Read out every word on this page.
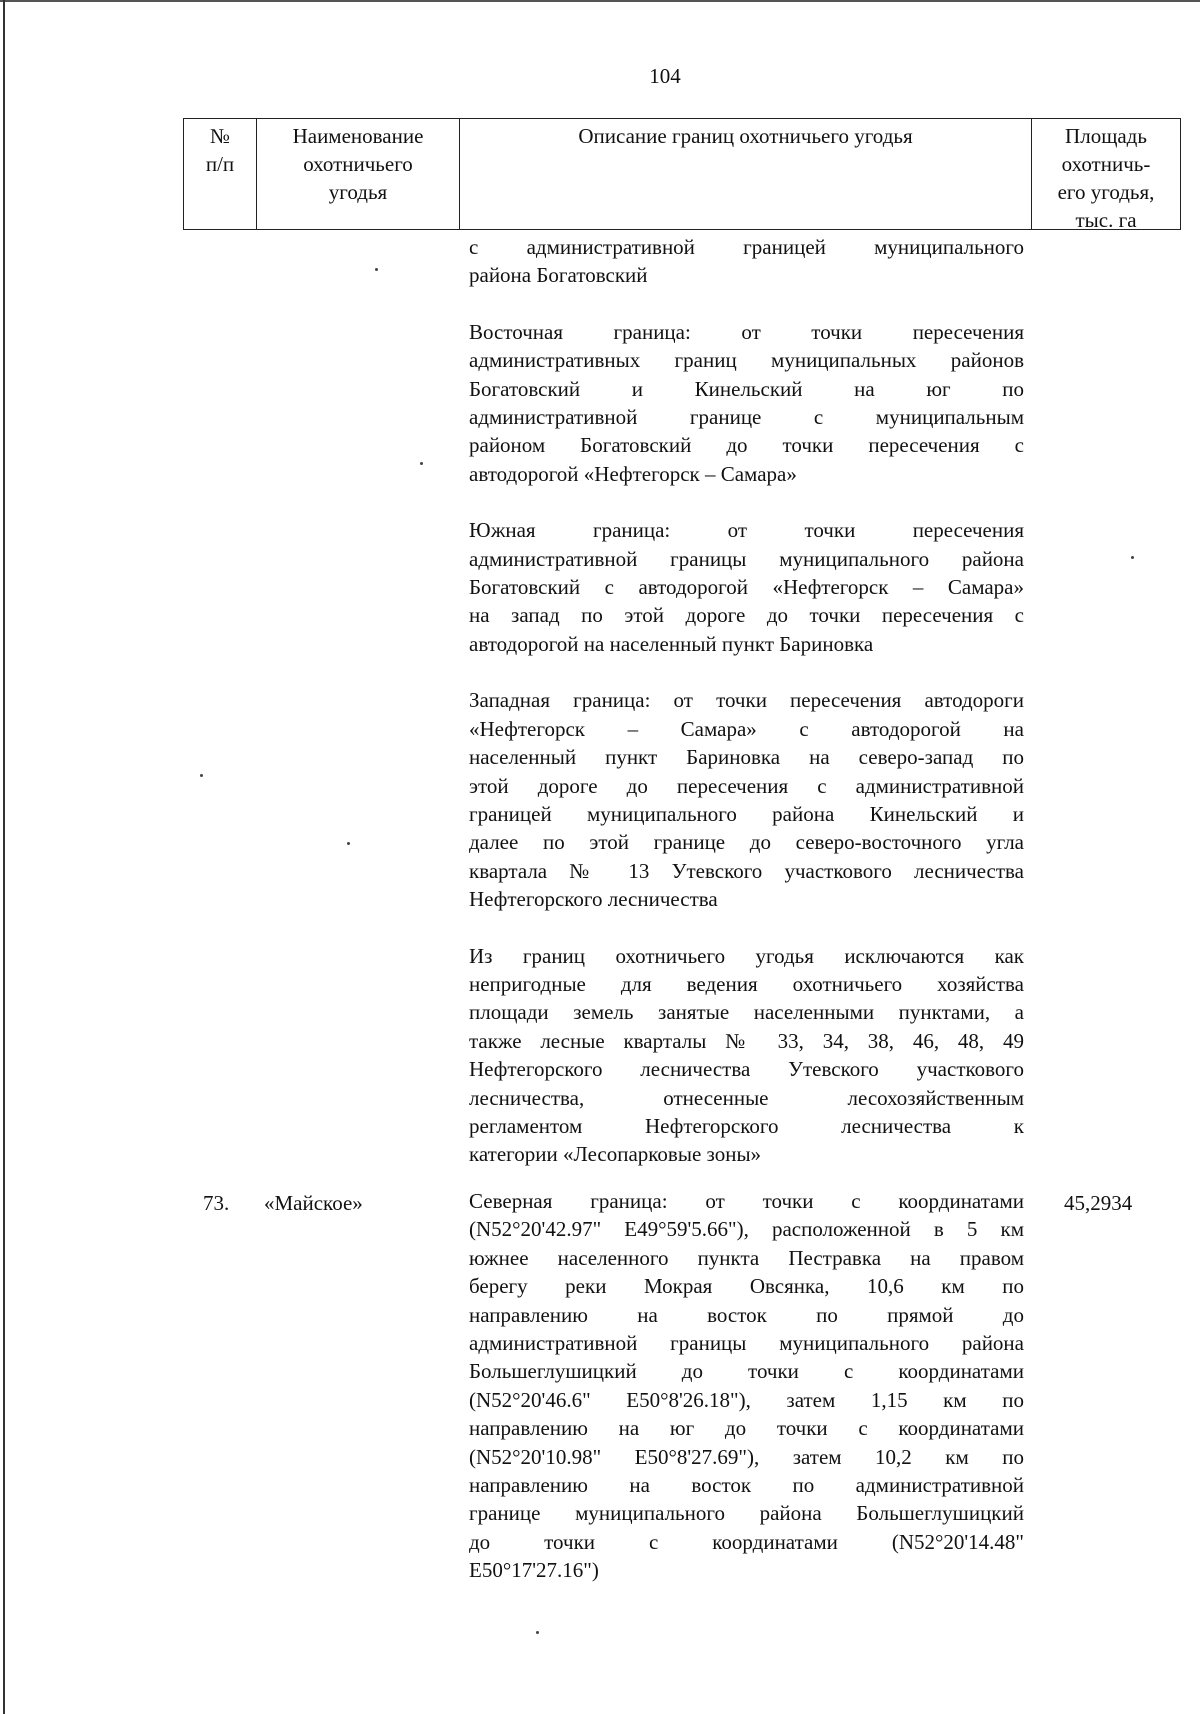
104
№
п/п
Наименование
охотничьего
угодья
Описание границ охотничьего угодья	Площадь
охотничь-
его угодья,
тыс. га
с административной границей муниципального
района Богатовский
Восточная граница: от точки пересечения
административных границ муниципальных районов
Богатовский и Кинельский на юг по
административной границе с муниципальным
районом Богатовский до точки пересечения с
автодорогой «Нефтегорск – Самара»
Южная граница: от точки пересечения
административной границы муниципального района
Богатовский с автодорогой «Нефтегорск – Самара»
на запад по этой дороге до точки пересечения с
автодорогой на населенный пункт Бариновка
Западная граница: от точки пересечения автодороги
«Нефтегорск – Самара» с автодорогой на
населенный пункт Бариновка на северо-запад по
этой дороге до пересечения с административной
границей муниципального района Кинельский и
далее по этой границе до северо-восточного угла
квартала № 13 Утевского участкового лесничества
Нефтегорского лесничества
Из границ охотничьего угодья исключаются как
непригодные для ведения охотничьего хозяйства
площади земель занятые населенными пунктами, а
также лесные кварталы № 33, 34, 38, 46, 48, 49
Нефтегорского лесничества Утевского участкового
лесничества, отнесенные лесохозяйственным
регламентом Нефтегорского лесничества к
категории «Лесопарковые зоны»
73. «Майское»	45,2934
Северная граница: от точки с координатами
(N52°20'42.97" E49°59'5.66"), расположенной в 5 км
южнее населенного пункта Пестравка на правом
берегу реки Мокрая Овсянка, 10,6 км по
направлению на восток по прямой до
административной границы муниципального района
Большеглушицкий до точки с координатами
(N52°20'46.6" E50°8'26.18"), затем 1,15 км по
направлению на юг до точки с координатами
(N52°20'10.98" E50°8'27.69"), затем 10,2 км по
направлению на восток по административной
границе муниципального района Большеглушицкий
до точки с координатами (N52°20'14.48"
E50°17'27.16")
